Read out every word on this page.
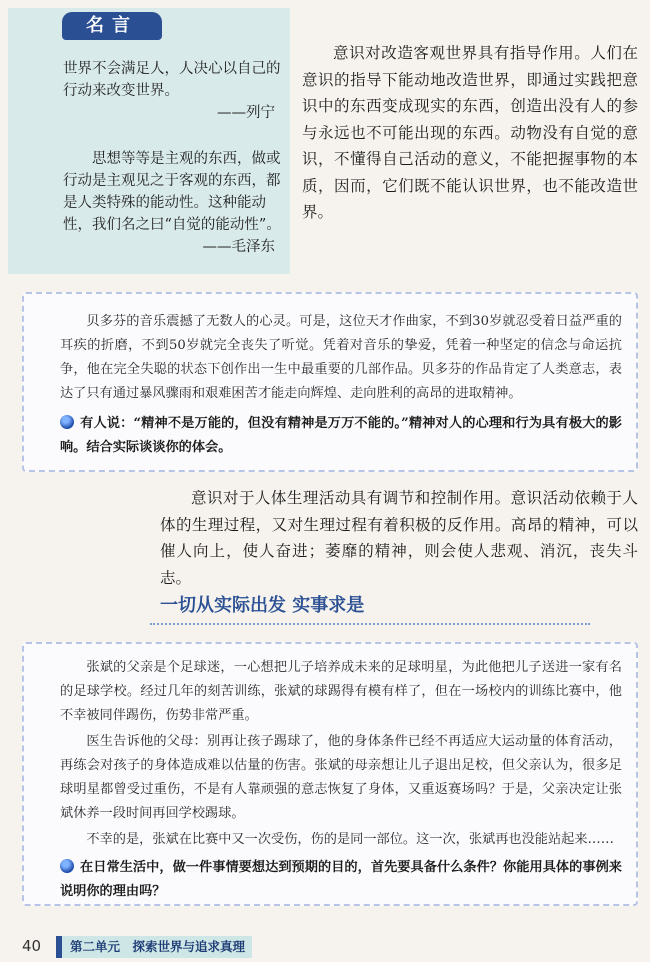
名言
世界不会满足人，人决心以自己的行动来改变世界。
——列宁
思想等等是主观的东西，做或行动是主观见之于客观的东西，都是人类特殊的能动性。这种能动性，我们名之曰“自觉的能动性”。
——毛泽东
意识对改造客观世界具有指导作用。人们在意识的指导下能动地改造世界，即通过实践把意识中的东西变成现实的东西，创造出没有人的参与永远也不可能出现的东西。动物没有自觉的意识，不懂得自己活动的意义，不能把握事物的本质，因而，它们既不能认识世界，也不能改造世界。
贝多芬的音乐震撼了无数人的心灵。可是，这位天才作曲家，不到30岁就忍受着日益严重的耳疾的折磨，不到50岁就完全丧失了听觉。凭着对音乐的挚爱，凭着一种坚定的信念与命运抗争，他在完全失聪的状态下创作出一生中最重要的几部作品。贝多芬的作品肯定了人类意志，表达了只有通过暴风骤雨和艰难困苦才能走向辉煌、走向胜利的高昂的进取精神。
有人说：“精神不是万能的，但没有精神是万万不能的。”精神对人的心理和行为具有极大的影响。结合实际谈谈你的体会。
意识对于人体生理活动具有调节和控制作用。意识活动依赖于人体的生理过程，又对生理过程有着积极的反作用。高昂的精神，可以催人向上，使人奋进；萎靡的精神，则会使人悲观、消沉，丧失斗志。
一切从实际出发 实事求是
张斌的父亲是个足球迷，一心想把儿子培养成未来的足球明星，为此他把儿子送进一家有名的足球学校。经过几年的刻苦训练，张斌的球踢得有模有样了，但在一场校内的训练比赛中，他不幸被同伴踢伤，伤势非常严重。
医生告诉他的父母：别再让孩子踢球了，他的身体条件已经不再适应大运动量的体育活动，再练会对孩子的身体造成难以估量的伤害。张斌的母亲想让儿子退出足校，但父亲认为，很多足球明星都曾受过重伤，不是有人靠顽强的意志恢复了身体，又重返赛场吗？于是，父亲决定让张斌休养一段时间再回学校踢球。
不幸的是，张斌在比赛中又一次受伤，伤的是同一部位。这一次，张斌再也没能站起来……
在日常生活中，做一件事情要想达到预期的目的，首先要具备什么条件？你能用具体的事例来说明你的理由吗？
40	第二单元　探索世界与追求真理
